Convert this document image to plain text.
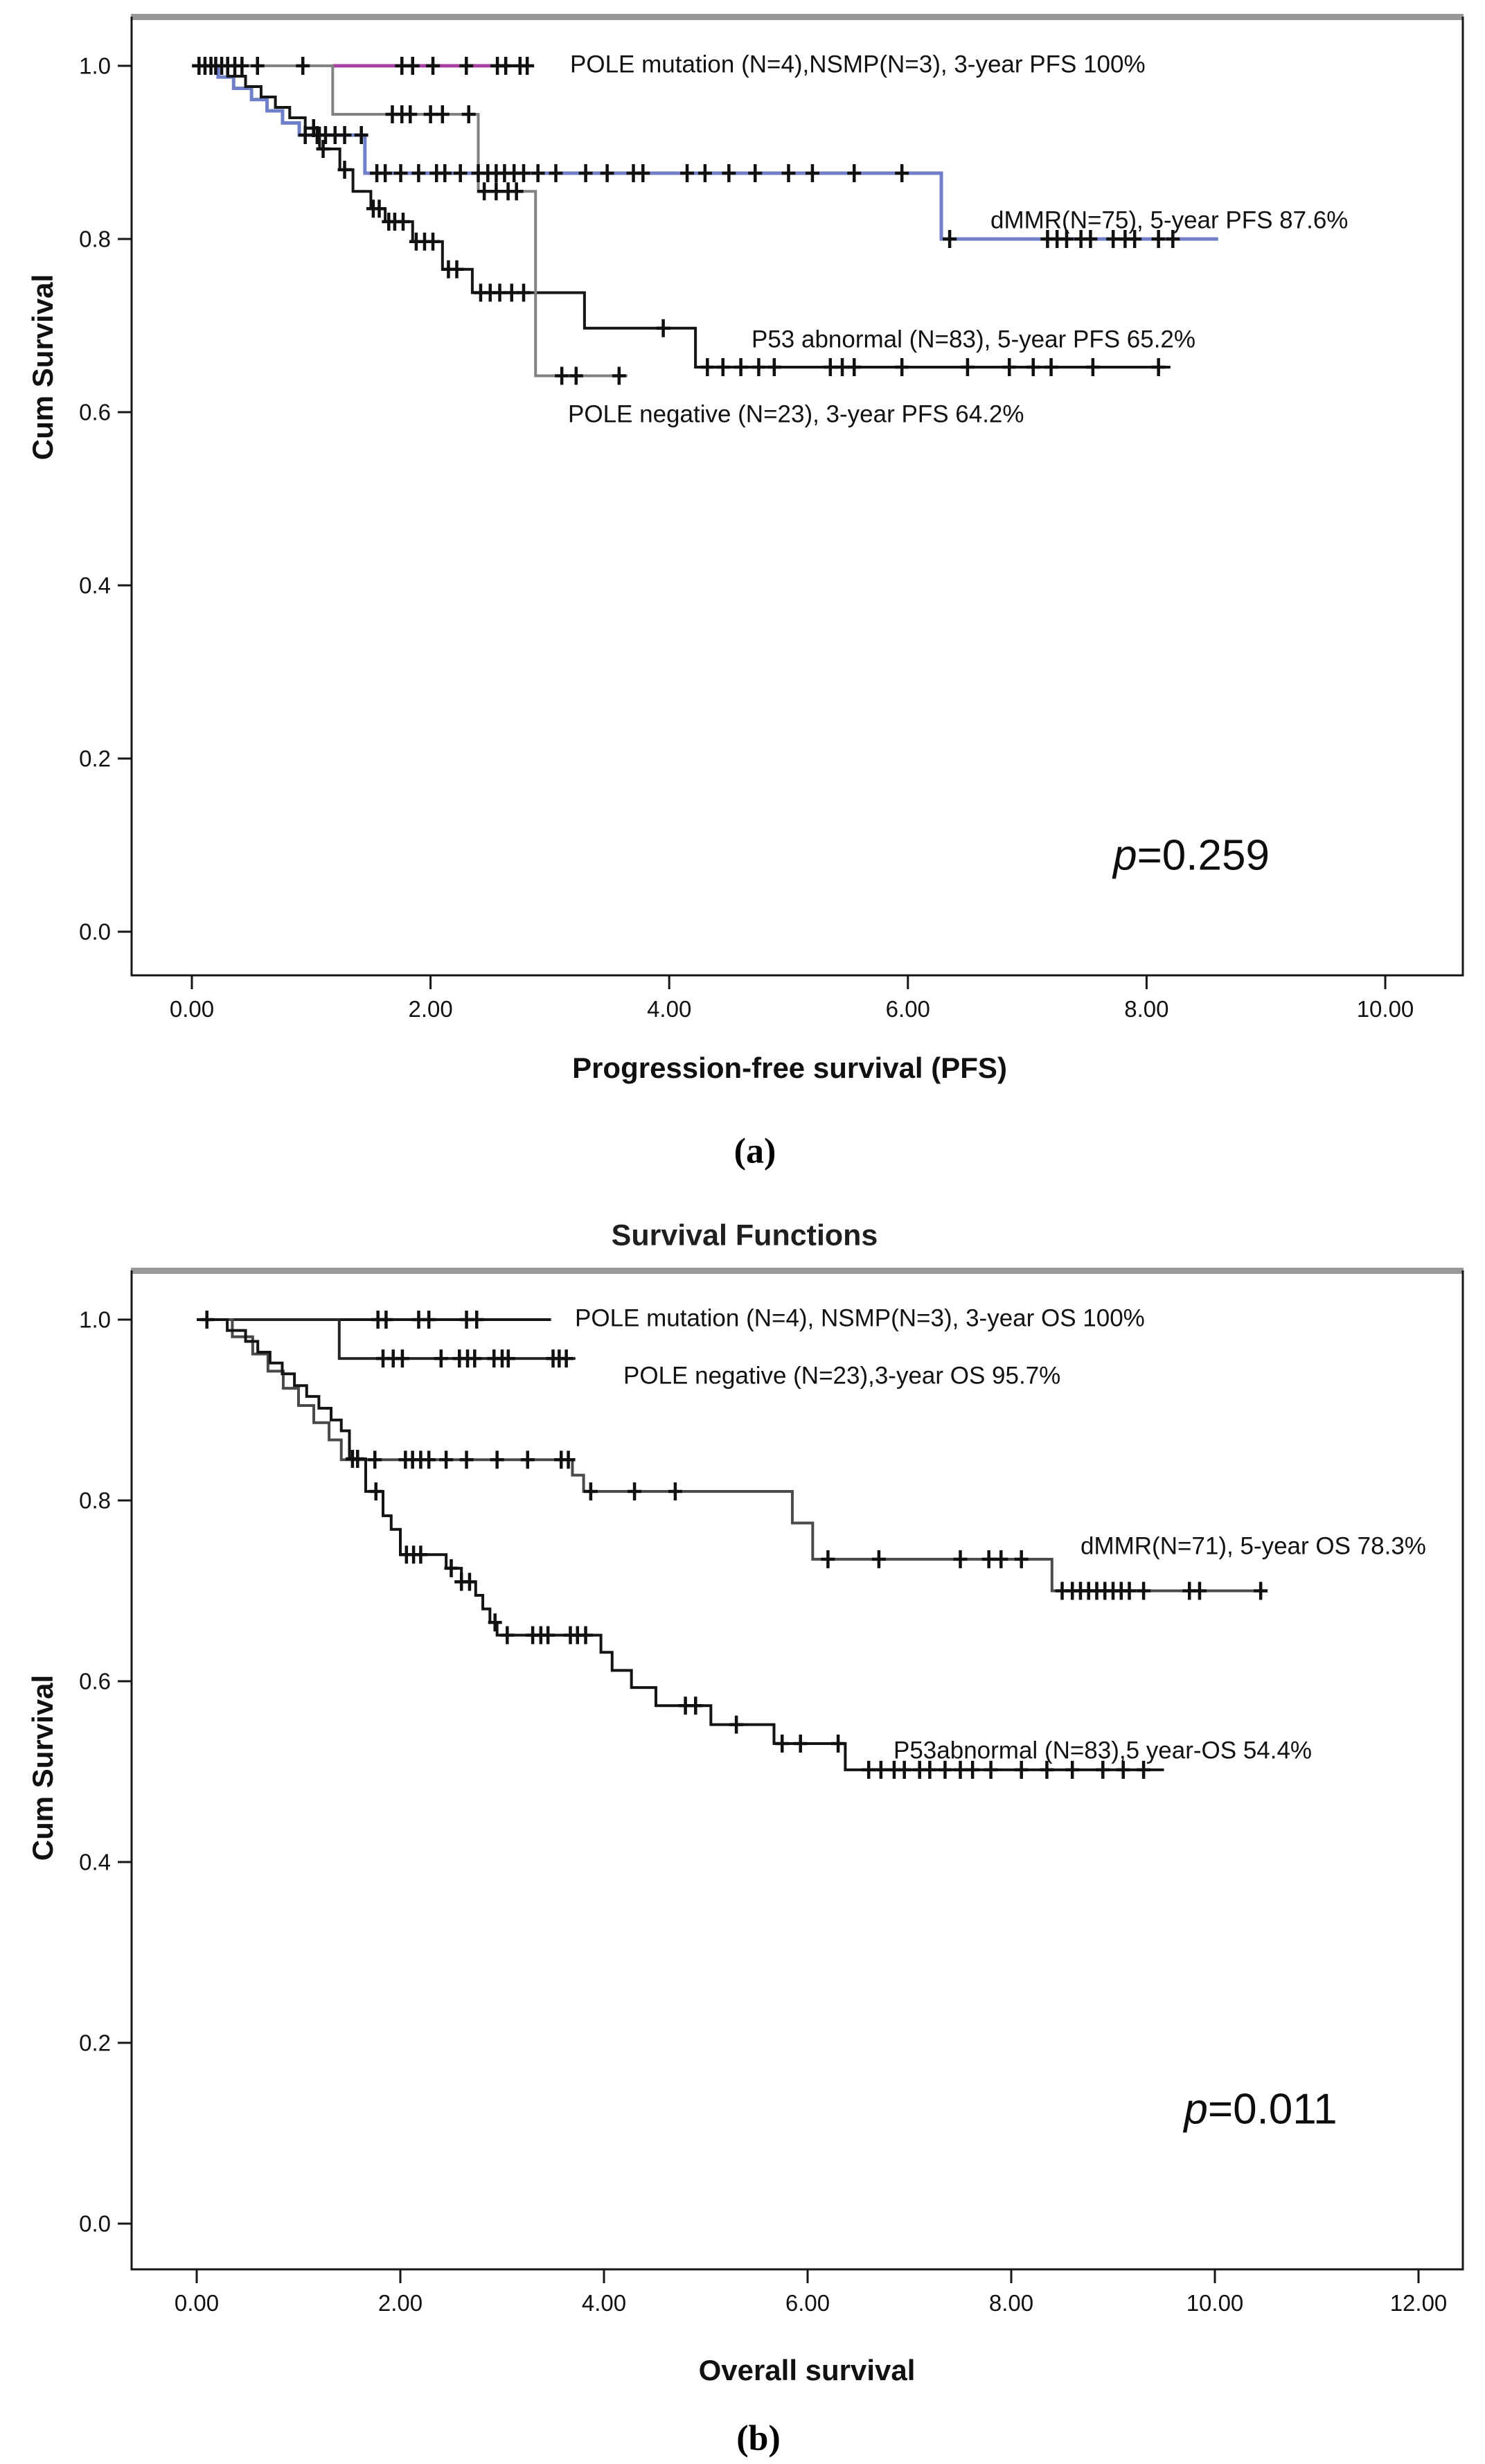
1.0
0.8
0.6
0.4
0.2
0.0
0.00	2.00	4.00	6.00	8.00	10.00
POLE mutation (N=4),NSMP(N=3), 3-year PFS 100%
dMMR(N=75), 5-year PFS 87.6%
P53 abnormal (N=83), 5-year PFS 65.2%
POLE negative (N=23), 3-year PFS 64.2%
1.0
0.8
0.6
0.4
0.2
0.0
0.00	2.00	4.00	6.00	8.00	10.00	12.00
POLE mutation (N=4), NSMP(N=3), 3-year OS 100%
POLE negative (N=23),3-year OS 95.7%
dMMR(N=71), 5-year OS 78.3%
P53abnormal (N=83),5 year-OS 54.4%
Survival Functions
Progression-free survival (PFS)
Overall survival
Cum Survival
Cum Survival
p=0.259
p=0.011
(a)
(b)
